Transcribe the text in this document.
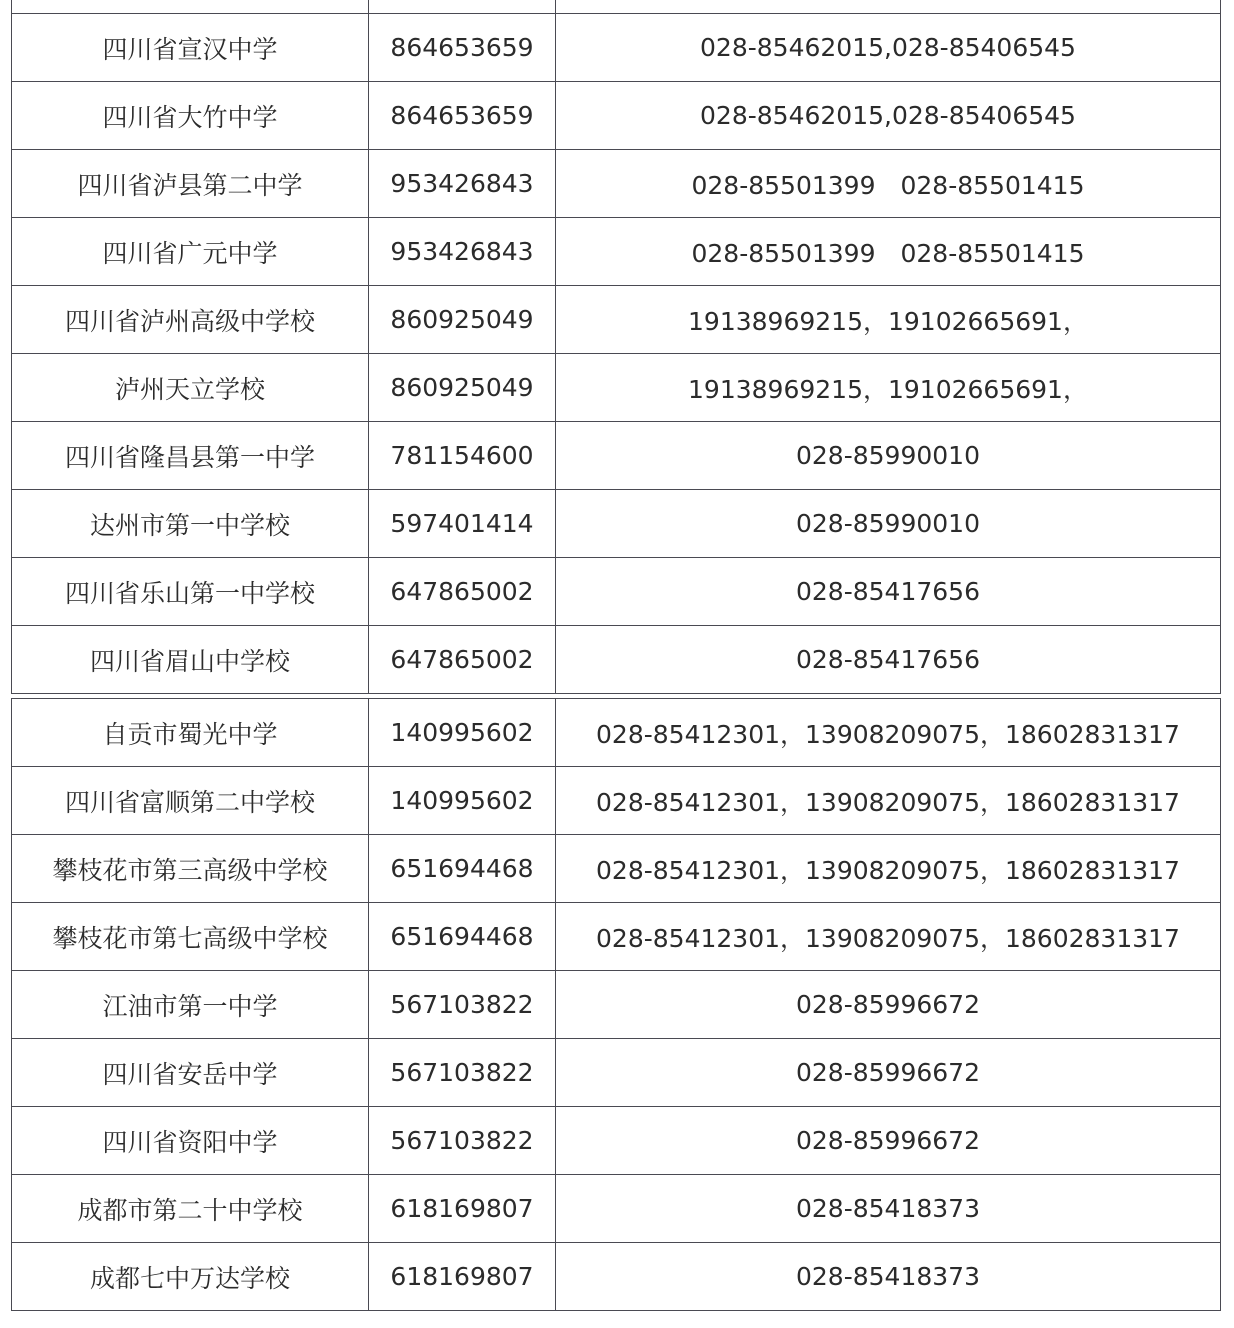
四川省宣汉中学	864653659	028-85462015,028-85406545
四川省大竹中学	864653659	028-85462015,028-85406545
四川省泸县第二中学	953426843	028-85501399　028-85501415
四川省广元中学	953426843	028-85501399　028-85501415
四川省泸州高级中学校	860925049	19138969215，19102665691，
泸州天立学校	860925049	19138969215，19102665691，
四川省隆昌县第一中学	781154600	028-85990010
达州市第一中学校	597401414	028-85990010
四川省乐山第一中学校	647865002	028-85417656
四川省眉山中学校	647865002	028-85417656
自贡市蜀光中学	140995602	028-85412301，13908209075，18602831317
四川省富顺第二中学校	140995602	028-85412301，13908209075，18602831317
攀枝花市第三高级中学校	651694468	028-85412301，13908209075，18602831317
攀枝花市第七高级中学校	651694468	028-85412301，13908209075，18602831317
江油市第一中学	567103822	028-85996672
四川省安岳中学	567103822	028-85996672
四川省资阳中学	567103822	028-85996672
成都市第二十中学校	618169807	028-85418373
成都七中万达学校	618169807	028-85418373
